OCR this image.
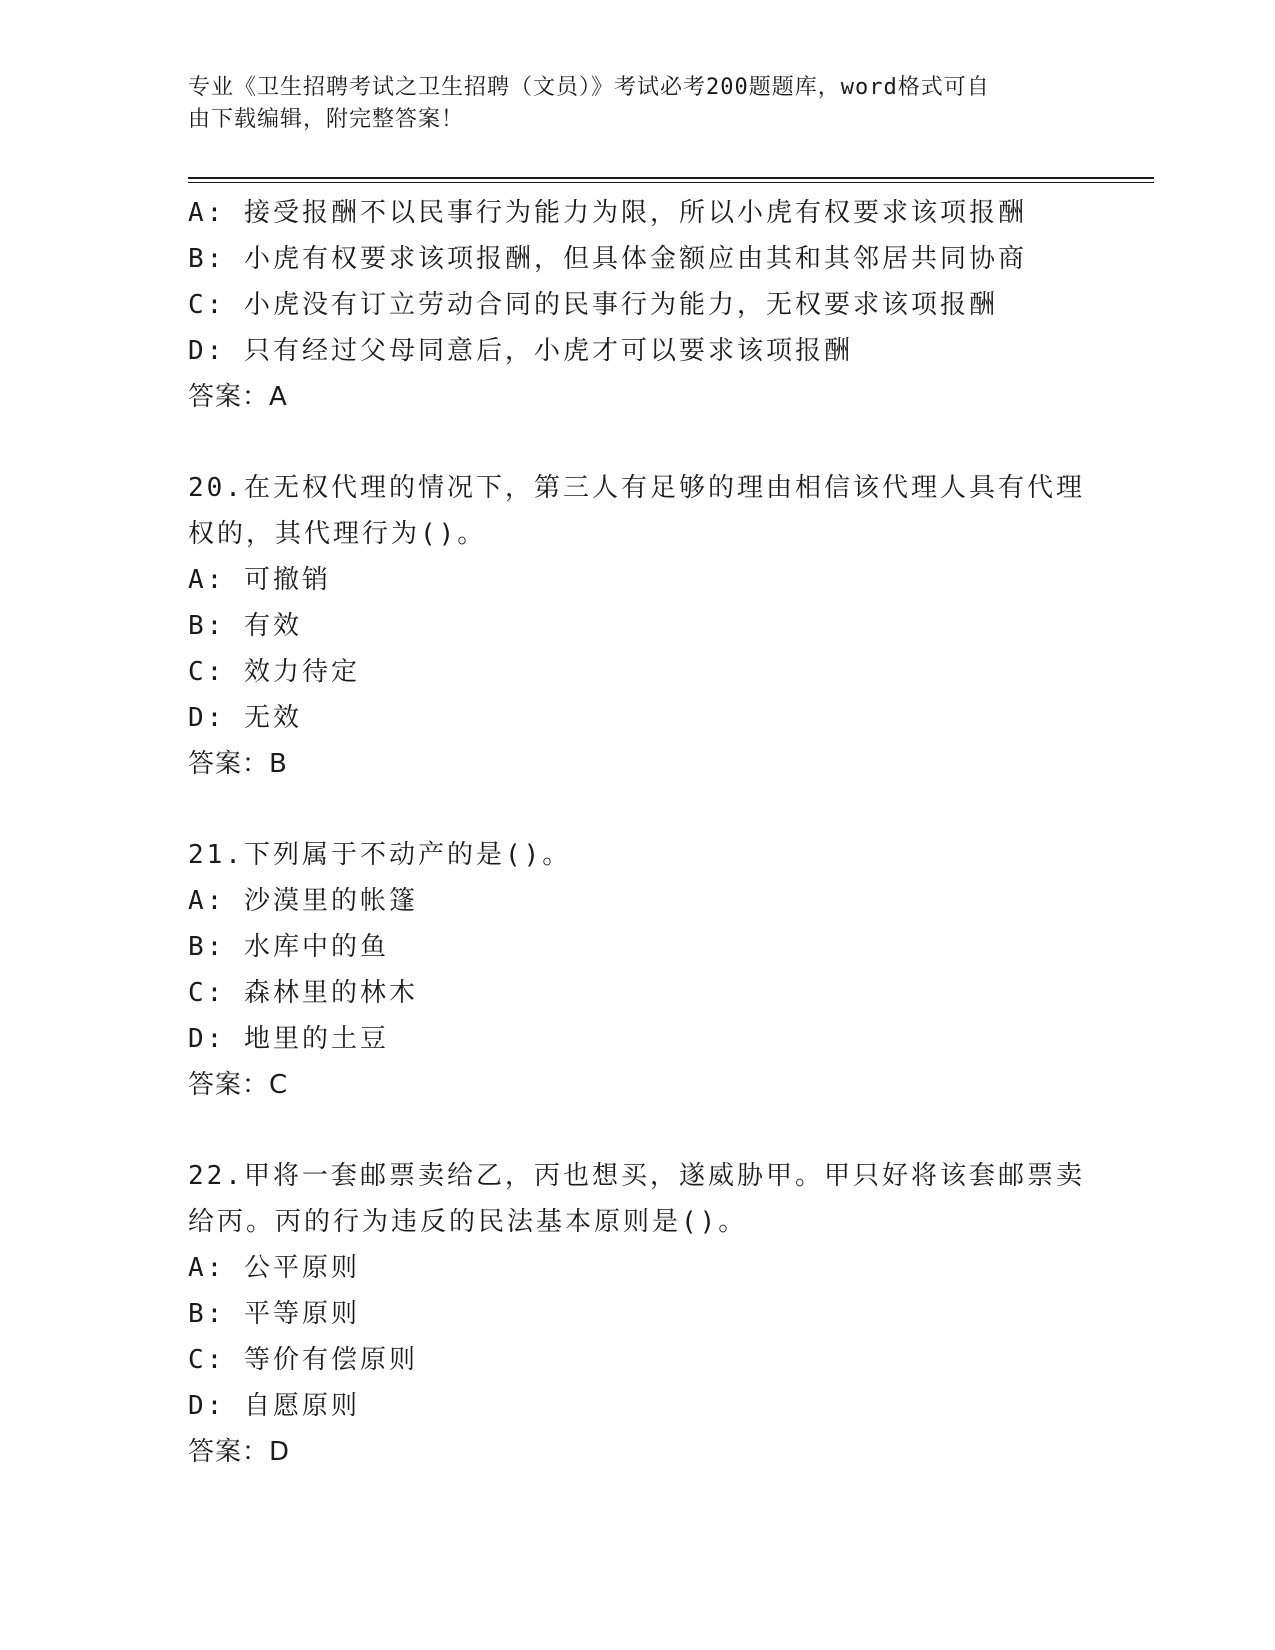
专业《卫生招聘考试之卫生招聘（文员）》考试必考200题题库，word格式可自
由下载编辑，附完整答案！
A: 接受报酬不以民事行为能力为限，所以小虎有权要求该项报酬
B: 小虎有权要求该项报酬，但具体金额应由其和其邻居共同协商
C: 小虎没有订立劳动合同的民事行为能力，无权要求该项报酬
D: 只有经过父母同意后，小虎才可以要求该项报酬
答案：A
20.在无权代理的情况下，第三人有足够的理由相信该代理人具有代理
权的，其代理行为()。
A: 可撤销
B: 有效
C: 效力待定
D: 无效
答案：B
21.下列属于不动产的是()。
A: 沙漠里的帐篷
B: 水库中的鱼
C: 森林里的林木
D: 地里的土豆
答案：C
22.甲将一套邮票卖给乙，丙也想买，遂威胁甲。甲只好将该套邮票卖
给丙。丙的行为违反的民法基本原则是()。
A: 公平原则
B: 平等原则
C: 等价有偿原则
D: 自愿原则
答案：D
